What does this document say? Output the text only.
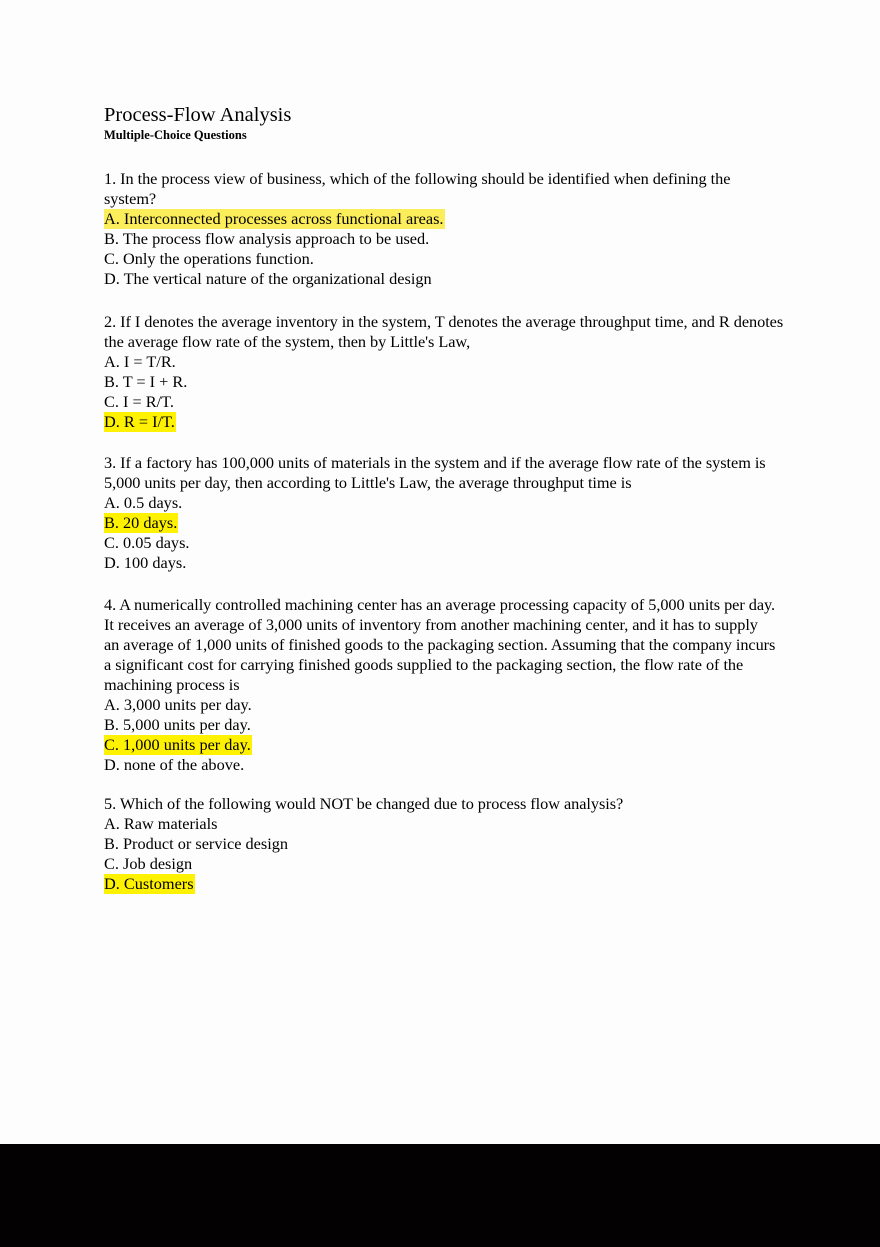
Process-Flow Analysis
Multiple-Choice Questions

1. In the process view of business, which of the following should be identified when defining the system?

A. Interconnected processes across functional areas.
B. The process flow analysis approach to be used.
C. Only the operations function.
D. The vertical nature of the organizational design

2. If I denotes the average inventory in the system, T denotes the average throughput time, and R denotes the average flow rate of the system, then by Little's Law,

A. I = T/R.
B. T = I + R.
C. I = R/T.
D. R = I/T.

3. If a factory has 100,000 units of materials in the system and if the average flow rate of the system is 5,000 units per day, then according to Little's Law, the average throughput time is

A. 0.5 days.
B. 20 days.
C. 0.05 days.
D. 100 days.

4. A numerically controlled machining center has an average processing capacity of 5,000 units per day. It receives an average of 3,000 units of inventory from another machining center, and it has to supply an average of 1,000 units of finished goods to the packaging section. Assuming that the company incurs a significant cost for carrying finished goods supplied to the packaging section, the flow rate of the machining process is

A. 3,000 units per day.
B. 5,000 units per day.
C. 1,000 units per day.
D. none of the above.

5. Which of the following would NOT be changed due to process flow analysis?

A. Raw materials
B. Product or service design
C. Job design
D. Customers
